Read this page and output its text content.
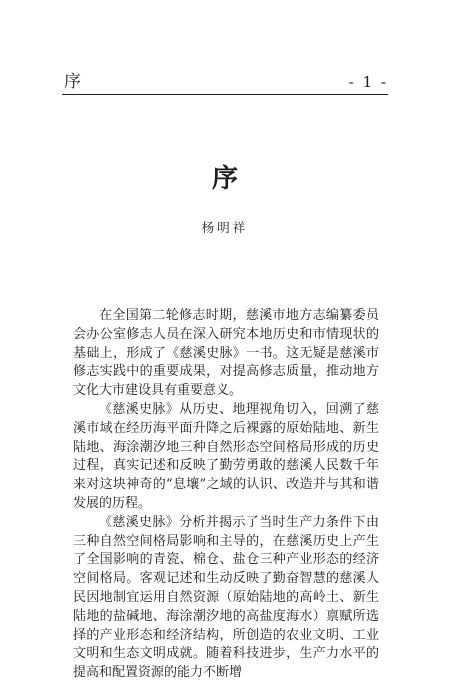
序	- 1 -
序
杨明祥

在全国第二轮修志时期，慈溪市地方志编纂委员会办公室修志人员在深入研究本地历史和市情现状的基础上，形成了《慈溪史脉》一书。这无疑是慈溪市修志实践中的重要成果，对提高修志质量，推动地方文化大市建设具有重要意义。

《慈溪史脉》从历史、地理视角切入，回溯了慈溪市域在经历海平面升降之后裸露的原始陆地、新生陆地、海涂潮汐地三种自然形态空间格局形成的历史过程，真实记述和反映了勤劳勇敢的慈溪人民数千年来对这块神奇的“息壤”之域的认识、改造并与其和谐发展的历程。

《慈溪史脉》分析并揭示了当时生产力条件下由三种自然空间格局影响和主导的，在慈溪历史上产生了全国影响的青瓷、棉仓、盐仓三种产业形态的经济空间格局。客观记述和生动反映了勤奋智慧的慈溪人民因地制宜运用自然资源（原始陆地的高岭土、新生陆地的盐碱地、海涂潮汐地的高盐度海水）禀赋所选择的产业形态和经济结构，所创造的农业文明、工业文明和生态文明成就。随着科技进步，生产力水平的提高和配置资源的能力不断增
